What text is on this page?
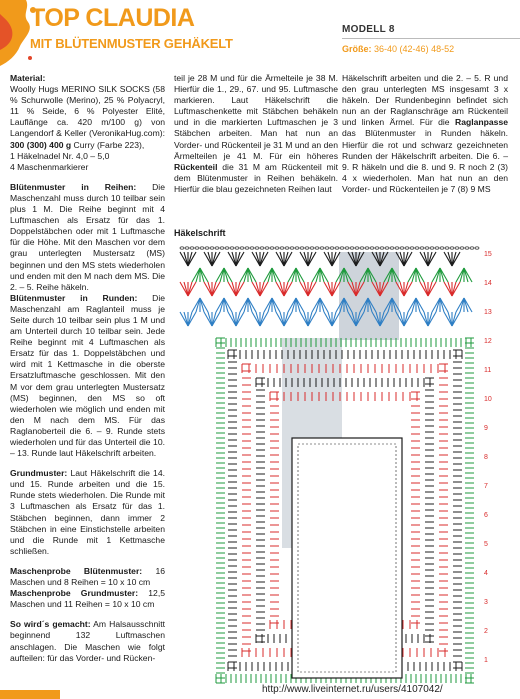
TOP CLAUDIA
MIT BLÜTENMUSTER GEHÄKELT
MODELL 8
Größe: 36-40 (42-46) 48-52

Material:
Woolly Hugs MERINO SILK SOCKS (58 % Schurwolle (Merino), 25 % Polyacryl, 11 % Seide, 6 % Polyester Elité, Lauflänge ca. 420 m/100 g) von Langendorf & Keller (VeronikaHug.com): 300 (300) 400 g Curry (Farbe 223),
1 Häkelnadel Nr. 4,0 – 5,0
4 Maschenmarkierer

Blütenmuster in Reihen: Die Maschenzahl muss durch 10 teilbar sein plus 1 M. Die Reihe beginnt mit 4 Luftmaschen als Ersatz für das 1. Doppelstäbchen oder mit 1 Luftmasche für die Höhe. Mit den Maschen vor dem grau unterlegten Mustersatz (MS) beginnen und den MS stets wiederholen und enden mit den M nach dem MS. Die 2. – 5. Reihe häkeln.
Blütenmuster in Runden: Die Maschenzahl am Raglanteil muss je Seite durch 10 teilbar sein plus 1 M und am Unterteil durch 10 teilbar sein. Jede Reihe beginnt mit 4 Luftmaschen als Ersatz für das 1. Doppelstäbchen und wird mit 1 Kettmasche in die oberste Ersatzluftmasche geschlossen. Mit den M vor dem grau unterlegten Mustersatz (MS) beginnen, den MS so oft wiederholen wie möglich und enden mit den M nach dem MS. Für das Raglanoberteil die 6. – 9. Runde stets wiederholen und für das Unterteil die 10. – 13. Runde laut Häkelschrift arbeiten.

Grundmuster: Laut Häkelschrift die 14. und 15. Runde arbeiten und die 15. Runde stets wiederholen. Die Runde mit 3 Luftmaschen als Ersatz für das 1. Stäbchen beginnen, dann immer 2 Stäbchen in eine Einstichstelle arbeiten und die Runde mit 1 Kettmasche schließen.

Maschenprobe Blütenmuster: 16 Maschen und 8 Reihen = 10 x 10 cm
Maschenprobe Grundmuster: 12,5 Maschen und 11 Reihen = 10 x 10 cm

So wird´s gemacht: Am Halsausschnitt beginnend 132 Luftmaschen anschlagen. Die Maschen wie folgt aufteilen: für das Vorder- und Rücken-

teil je 28 M und für die Ärmelteile je 38 M. Hierfür die 1., 29., 67. und 95. Luftmasche markieren. Laut Häkelschrift die Luftmaschenkette mit Stäbchen behäkeln und in die markierten Luftmaschen je 3 Stäbchen arbeiten. Man hat nun an Vorder- und Rückenteil je 31 M und an den Ärmelteilen je 41 M. Für ein höheres Rückenteil die 31 M am Rückenteil mit dem Blütenmuster in Reihen behäkeln. Hierfür die blau gezeichneten Reihen laut

Häkelschrift arbeiten und die 2. – 5. R und den grau unterlegten MS insgesamt 3 x häkeln. Der Rundenbeginn befindet sich nun an der Raglanschräge am Rückenteil und linken Ärmel. Für die Raglanpasse das Blütenmuster in Runden häkeln. Hierfür die rot und schwarz gezeichneten Runden der Häkelschrift arbeiten. Die 6. – 9. R häkeln und die 8. und 9. R noch 2 (3) 4 x wiederholen. Man hat nun an den Vorder- und Rückenteilen je 7 (8) 9 MS

Häkelschrift
15
14
13
12
11
10
9
8
7
6
5
4
3
2
1
http://www.liveinternet.ru/users/4107042/
